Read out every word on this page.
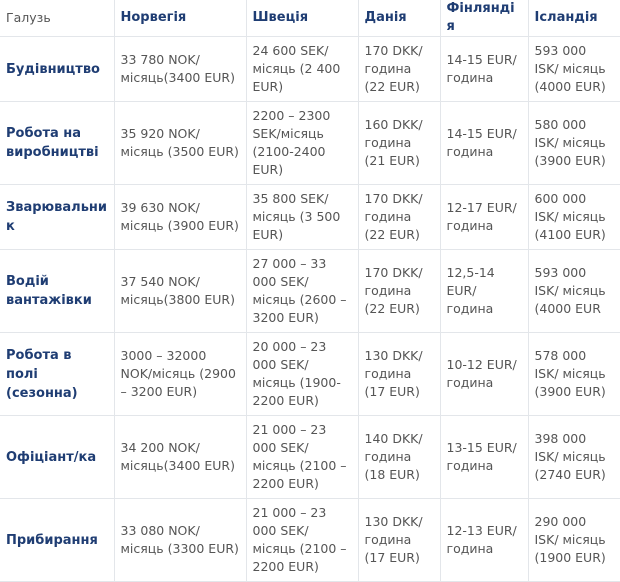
Галузь	Норвегія	Швеція	Данія	Фінляндія	Ісландія
Будівництво	33 780 NOK/ місяць(3400 EUR)	24 600 SEK/ місяць (2 400 EUR)	170 DKK/ година (22 EUR)	14-15 EUR/ година	593 000 ISK/ місяць (4000 EUR)
Робота на виробництві	35 920 NOK/місяць (3500 EUR)	2200 – 2300 SEK/місяць (2100-2400 EUR)	160 DKK/ година (21 EUR)	14-15 EUR/ година	580 000 ISK/ місяць (3900 EUR)
Зварювальник	39 630 NOK/місяць (3900 EUR)	35 800 SEK/ місяць (3 500 EUR)	170 DKK/ година (22 EUR)	12-17 EUR/ година	600 000 ISK/ місяць (4100 EUR)
Водій вантажівки	37 540 NOK/ місяць(3800 EUR)	27 000 – 33 000 SEK/місяць (2600 – 3200 EUR)	170 DKK/ година (22 EUR)	12,5-14 EUR/година	593 000 ISK/ місяць (4000 EUR
Робота в полі (сезонна)	3000 – 32000 NOK/місяць (2900 – 3200 EUR)	20 000 – 23 000 SEK/місяць (1900-2200 EUR)	130 DKK/ година (17 EUR)	10-12 EUR/ година	578 000 ISK/ місяць (3900 EUR)
Офіціант/ка	34 200 NOK/ місяць(3400 EUR)	21 000 – 23 000 SEK/ місяць (2100 – 2200 EUR)	140 DKK/ година (18 EUR)	13-15 EUR/ година	398 000 ISK/ місяць (2740 EUR)
Прибирання	33 080 NOK/місяць (3300 EUR)	21 000 – 23 000 SEK/ місяць (2100 – 2200 EUR)	130 DKK/ година (17 EUR)	12-13 EUR/ година	290 000 ISK/ місяць (1900 EUR)
